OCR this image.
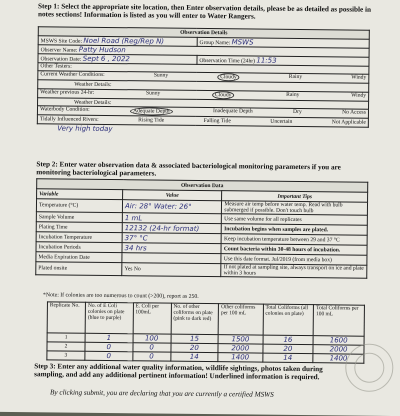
Step 1: Select the appropriate site location, then Enter observation details, please be as detailed as possible in notes sections! Information is listed as you will enter to Water Rangers.
Observation Details	
MSWS Site Code: Noel Road (Reg/Rep N)	Group Name: MSWS
Observer Name: Patty Hudson	
Observation Date: Sept 6 , 2022	Observation Time (24hr) 11:53
Other Testers:	

Current Weather Conditions: Sunny Cloudy Rainy Windy	

Weather Details:	

Weather previous 24-hr: Sunny Cloudy Rainy Windy	

Weather Details:	

Waterbody Condition: Adequate Depth Inadequate Depth Dry No Access	

Tidally Influenced Rivers: Rising Tide Falling Tide Uncertain Not Applicable	

Very high today	
Step 2: Enter water observation data & associated bacteriological monitoring parameters if you are monitoring bacteriological parameters.
Observation Data		
Variable	Value	Important Tips
Temperature (°C)	Air: 28° Water: 26°	Measure air temp before water temp. Read with bulb submerged if possible. Don't touch bulb
Sample Volume	1 mL	Use same volume for all replicates
Plating Time	12132 (24-hr format)	Incubation begins when samples are plated.
Incubation Temperature	37° °C	Keep incubation temperature between 29 and 37 °C
Incubation Periods	34 hrs	Count bacteria within 30-48 hours of incubation.
Media Expiration Date		Use this date format. Jul/2019 (from media box)
Plated onsite	Yes No	If not plated at sampling site, always transport on ice and plate within 3 hours
*Note: If colonies are too numerous to count (>200), report as 250.
Replicate No.	No. of E Coli colonies on plate (blue to purple)	E. Coli per 100mL	No. of other coliforms on plate (pink to dark red)	Other coliforms per 100 mL	Total Coliforms (all colonies on plate)	Total Coliforms per 100 mL
1	1	100	15	1500	16	1600
2	0	0	20	2000	20	2000
3	0	0	14	1400	14	1400
Step 3: Enter any additional water quality information, wildlife sightings, photos taken during sampling, and add any additional pertinent information! Underlined information is required.
By clicking submit, you are declaring that you are currently a certified MSWS
